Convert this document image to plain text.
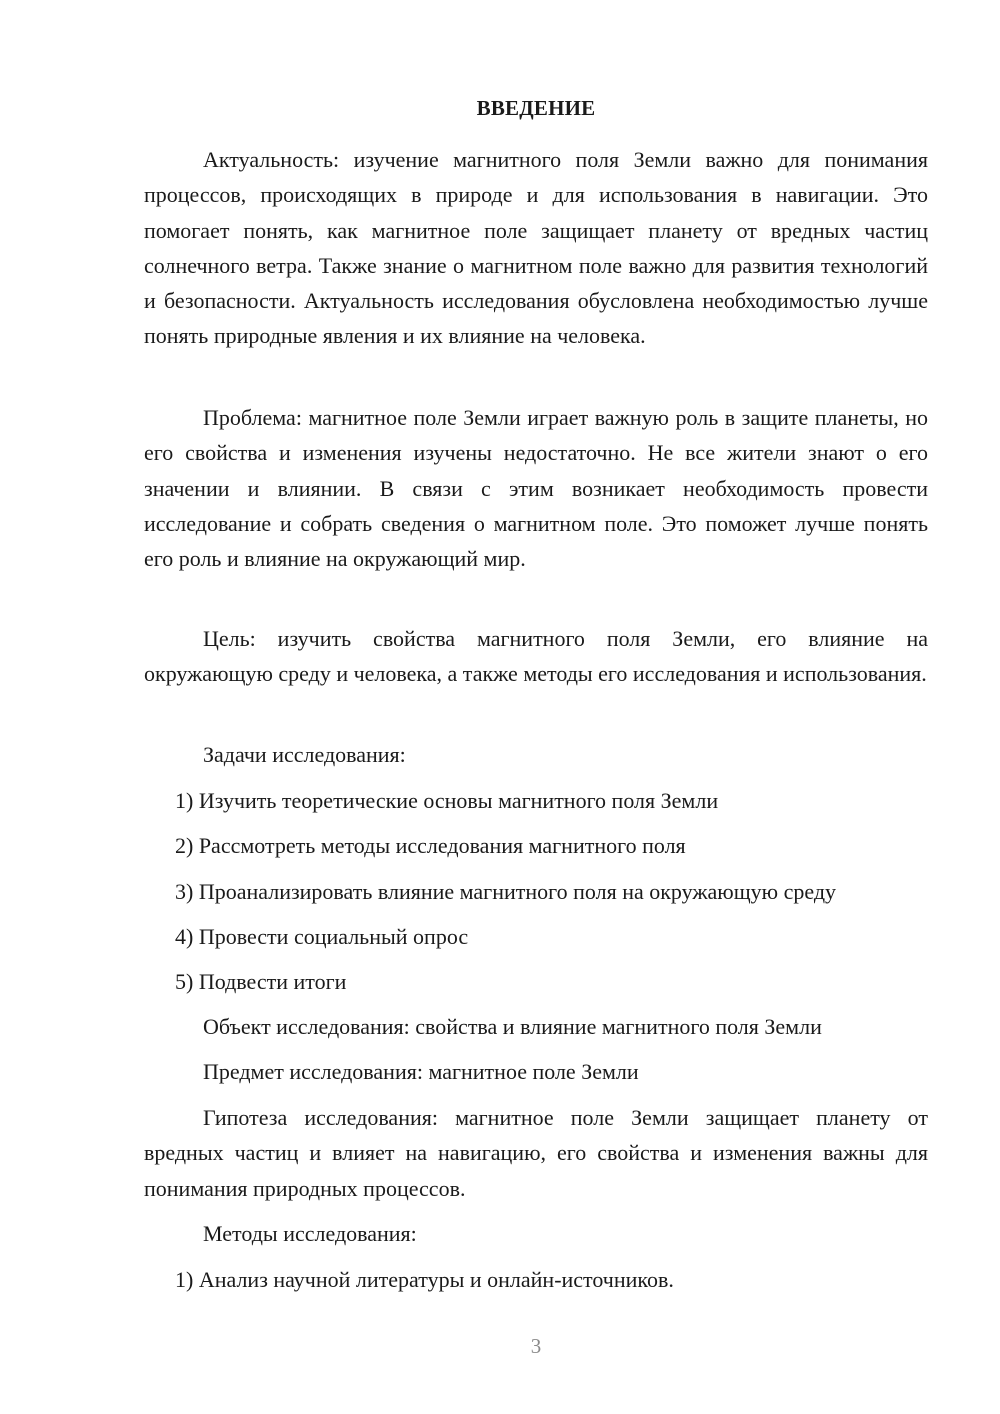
ВВЕДЕНИЕ
Актуальность: изучение магнитного поля Земли важно для понимания процессов, происходящих в природе и для использования в навигации. Это помогает понять, как магнитное поле защищает планету от вредных частиц солнечного ветра. Также знание о магнитном поле важно для развития технологий и безопасности. Актуальность исследования обусловлена необходимостью лучше понять природные явления и их влияние на человека.
Проблема: магнитное поле Земли играет важную роль в защите планеты, но его свойства и изменения изучены недостаточно. Не все жители знают о его значении и влиянии. В связи с этим возникает необходимость провести исследование и собрать сведения о магнитном поле. Это поможет лучше понять его роль и влияние на окружающий мир.
Цель: изучить свойства магнитного поля Земли, его влияние на окружающую среду и человека, а также методы его исследования и использования.
Задачи исследования:
1) Изучить теоретические основы магнитного поля Земли
2) Рассмотреть методы исследования магнитного поля
3) Проанализировать влияние магнитного поля на окружающую среду
4) Провести социальный опрос
5) Подвести итоги
Объект исследования: свойства и влияние магнитного поля Земли
Предмет исследования: магнитное поле Земли
Гипотеза исследования: магнитное поле Земли защищает планету от вредных частиц и влияет на навигацию, его свойства и изменения важны для понимания природных процессов.
Методы исследования:
1) Анализ научной литературы и онлайн-источников.
3
